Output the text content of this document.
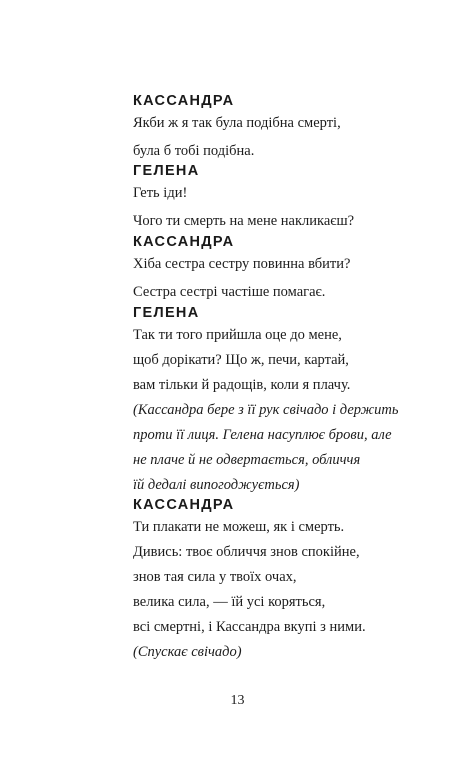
КАССАНДРА

Якби ж я так була подібна смерті,

була б тобі подібна.

ГЕЛЕНА

Геть іди!

Чого ти смерть на мене накликаєш?

КАССАНДРА

Хіба сестра сестру повинна вбити?

Сестра сестрі частіше помагає.

ГЕЛЕНА

Так ти того прийшла оце до мене,

щоб дорікати? Що ж, печи, картай,

вам тільки й радощів, коли я плачу.

(Кассандра бере з її рук свічадо і держить

проти її лиця. Гелена насуплює брови, але

не плаче й не одвертається, обличчя

їй дедалі випогоджується)

КАССАНДРА

Ти плакати не можеш, як і смерть.

Дивись: твоє обличчя знов спокійне,

знов тая сила у твоїх очах,

велика сила, — їй усі коряться,

всі смертні, і Кассандра вкупі з ними.

(Спускає свічадо)

13
